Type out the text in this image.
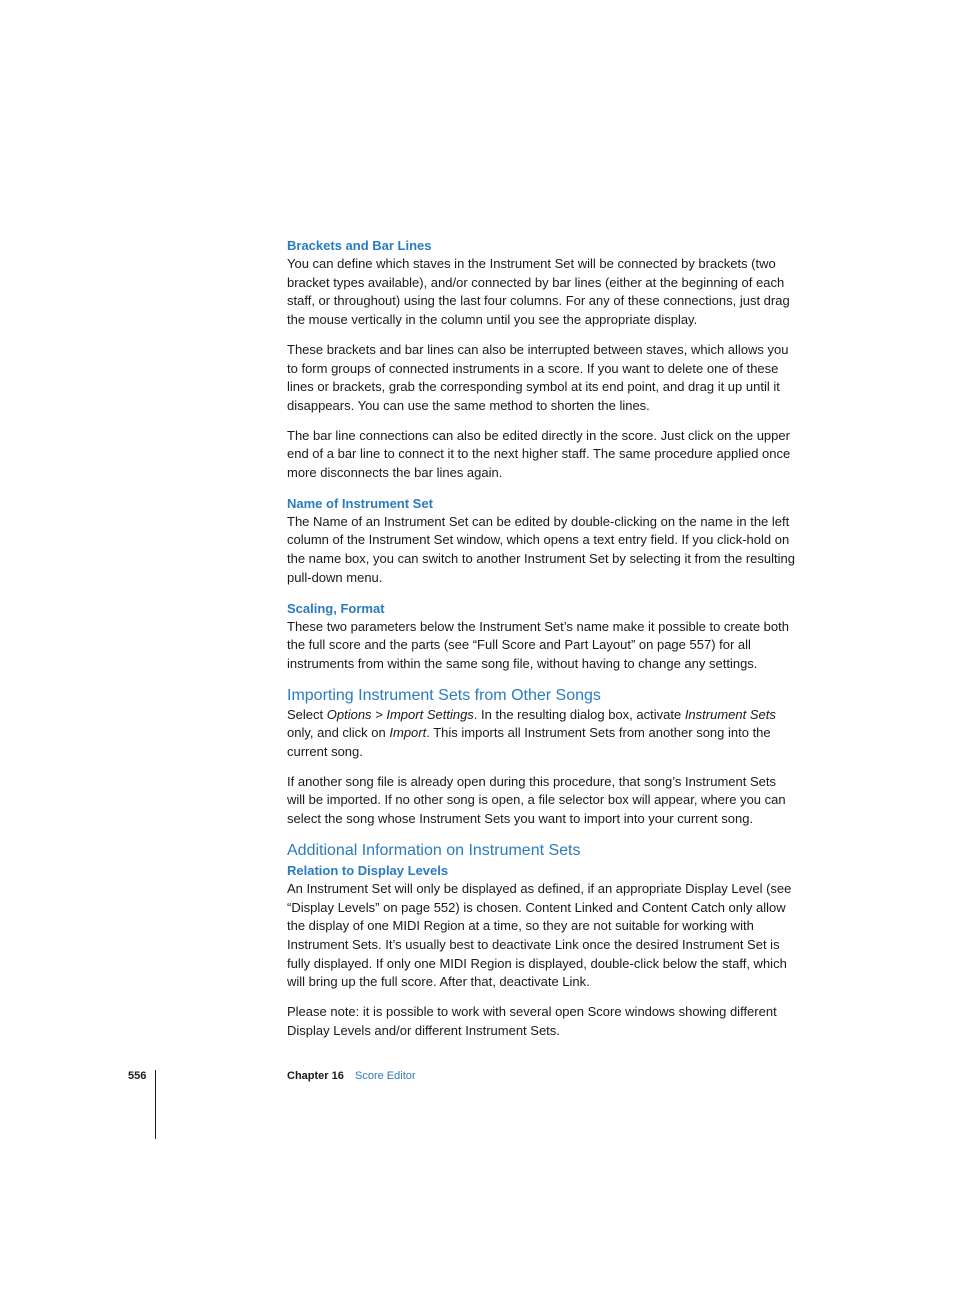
Brackets and Bar Lines

You can define which staves in the Instrument Set will be connected by brackets (two bracket types available), and/or connected by bar lines (either at the beginning of each staff, or throughout) using the last four columns. For any of these connections, just drag the mouse vertically in the column until you see the appropriate display.

These brackets and bar lines can also be interrupted between staves, which allows you to form groups of connected instruments in a score. If you want to delete one of these lines or brackets, grab the corresponding symbol at its end point, and drag it up until it disappears. You can use the same method to shorten the lines.

The bar line connections can also be edited directly in the score. Just click on the upper end of a bar line to connect it to the next higher staff. The same procedure applied once more disconnects the bar lines again.

Name of Instrument Set

The Name of an Instrument Set can be edited by double-clicking on the name in the left column of the Instrument Set window, which opens a text entry field. If you click-hold on the name box, you can switch to another Instrument Set by selecting it from the resulting pull-down menu.

Scaling, Format

These two parameters below the Instrument Set’s name make it possible to create both the full score and the parts (see “Full Score and Part Layout” on page 557) for all instruments from within the same song file, without having to change any settings.

Importing Instrument Sets from Other Songs

Select Options > Import Settings. In the resulting dialog box, activate Instrument Sets only, and click on Import. This imports all Instrument Sets from another song into the current song.

If another song file is already open during this procedure, that song’s Instrument Sets will be imported. If no other song is open, a file selector box will appear, where you can select the song whose Instrument Sets you want to import into your current song.

Additional Information on Instrument Sets
Relation to Display Levels

An Instrument Set will only be displayed as defined, if an appropriate Display Level (see “Display Levels” on page 552) is chosen. Content Linked and Content Catch only allow the display of one MIDI Region at a time, so they are not suitable for working with Instrument Sets. It’s usually best to deactivate Link once the desired Instrument Set is fully displayed. If only one MIDI Region is displayed, double-click below the staff, which will bring up the full score. After that, deactivate Link.

Please note: it is possible to work with several open Score windows showing different Display Levels and/or different Instrument Sets.

556	Chapter 16 Score Editor
